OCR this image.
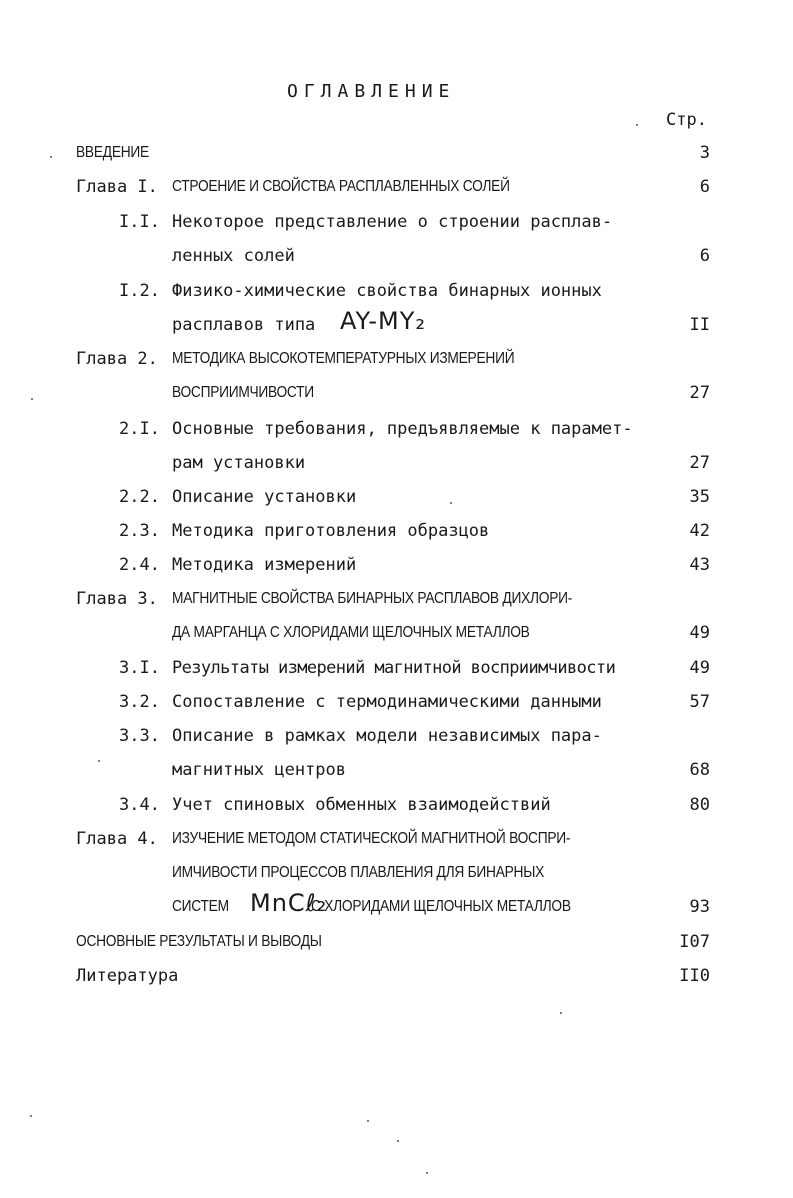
ОГЛАВЛЕНИЕ
Стр.
ВВЕДЕНИЕ	3
Глава I. СТРОЕНИЕ И СВОЙСТВА РАСПЛАВЛЕННЫХ СОЛЕЙ	6
I.I. Некоторое представление о строении расплав-
ленных солей	6
I.2. Физико-химические свойства бинарных ионных
расплавов типа AY-MY₂	II
Глава 2. МЕТОДИКА ВЫСОКОТЕМПЕРАТУРНЫХ ИЗМЕРЕНИЙ
ВОСПРИИМЧИВОСТИ	27
2.I. Основные требования, предъявляемые к парамет-
рам установки	27
2.2. Описание установки	35
2.3. Методика приготовления образцов	42
2.4. Методика измерений	43
Глава 3. МАГНИТНЫЕ СВОЙСТВА БИНАРНЫХ РАСПЛАВОВ ДИХЛОРИ-
ДА МАРГАНЦА С ХЛОРИДАМИ ЩЕЛОЧНЫХ МЕТАЛЛОВ	49
3.I. Результаты измерений магнитной восприимчивости	49
3.2. Сопоставление с термодинамическими данными	57
3.3. Описание в рамках модели независимых пара-
магнитных центров	68
3.4. Учет спиновых обменных взаимодействий	80
Глава 4. ИЗУЧЕНИЕ МЕТОДОМ СТАТИЧЕСКОЙ МАГНИТНОЙ ВОСПРИ-
ИМЧИВОСТИ ПРОЦЕССОВ ПЛАВЛЕНИЯ ДЛЯ БИНАРНЫХ
СИСТЕМ MnCℓ₂
С ХЛОРИДАМИ ЩЕЛОЧНЫХ МЕТАЛЛОВ	93
ОСНОВНЫЕ РЕЗУЛЬТАТЫ И ВЫВОДЫ	I07
Литература	II0
